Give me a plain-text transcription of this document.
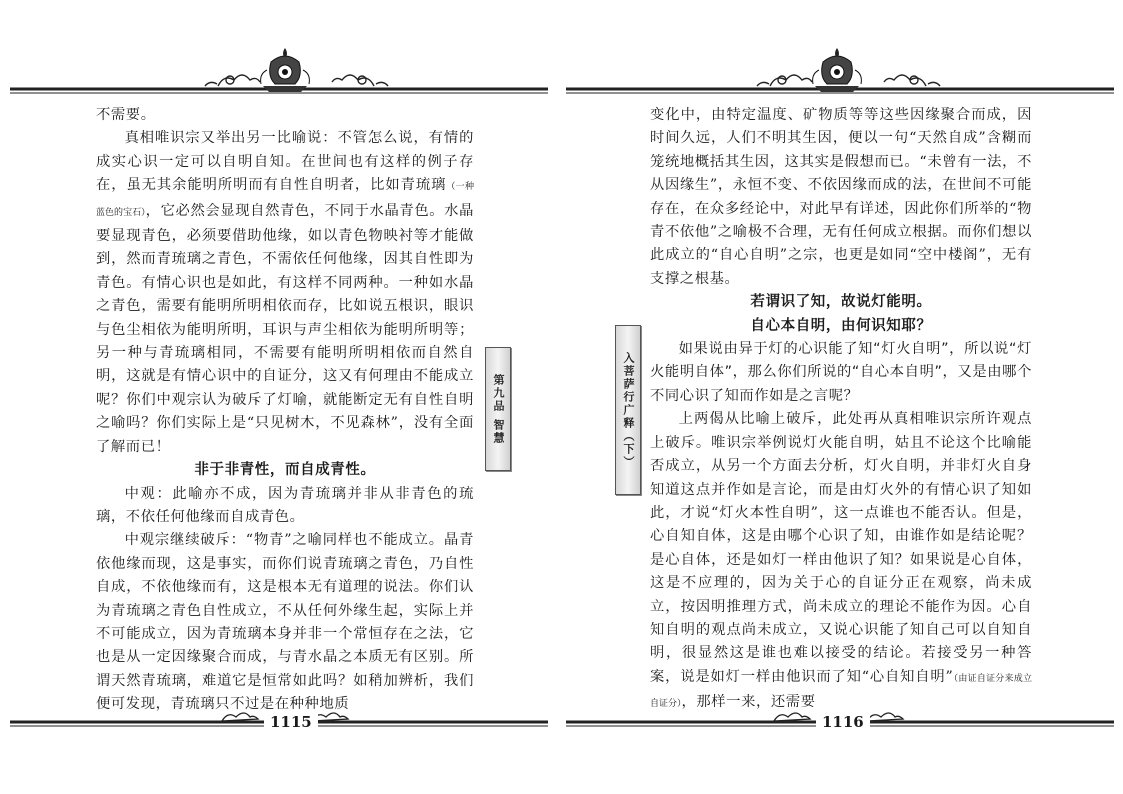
不需要。

真相唯识宗又举出另一比喻说：不管怎么说，有情的成实心识一定可以自明自知。在世间也有这样的例子存在，虽无其余能明所明而有自性自明者，比如青琉璃（一种蓝色的宝石），它必然会显现自然青色，不同于水晶青色。水晶要显现青色，必须要借助他缘，如以青色物映衬等才能做到，然而青琉璃之青色，不需依任何他缘，因其自性即为青色。有情心识也是如此，有这样不同两种。一种如水晶之青色，需要有能明所明相依而存，比如说五根识，眼识与色尘相依为能明所明，耳识与声尘相依为能明所明等；另一种与青琉璃相同，不需要有能明所明相依而自然自明，这就是有情心识中的自证分，这又有何理由不能成立呢？你们中观宗认为破斥了灯喻，就能断定无有自性自明之喻吗？你们实际上是“只见树木，不见森林”，没有全面了解而已！

非于非青性，而自成青性。

中观：此喻亦不成，因为青琉璃并非从非青色的琉璃，不依任何他缘而自成青色。

中观宗继续破斥：“物青”之喻同样也不能成立。晶青依他缘而现，这是事实，而你们说青琉璃之青色，乃自性自成，不依他缘而有，这是根本无有道理的说法。你们认为青琉璃之青色自性成立，不从任何外缘生起，实际上并不可能成立，因为青琉璃本身并非一个常恒存在之法，它也是从一定因缘聚合而成，与青水晶之本质无有区别。所谓天然青琉璃，难道它是恒常如此吗？如稍加辨析，我们便可发现，青琉璃只不过是在种种地质

第九品 智慧
1115
入菩萨行广释（下）

变化中，由特定温度、矿物质等等这些因缘聚合而成，因时间久远，人们不明其生因，便以一句“天然自成”含糊而笼统地概括其生因，这其实是假想而已。“未曾有一法，不从因缘生”，永恒不变、不依因缘而成的法，在世间不可能存在，在众多经论中，对此早有详述，因此你们所举的“物青不依他”之喻极不合理，无有任何成立根据。而你们想以此成立的“自心自明”之宗，也更是如同“空中楼阁”，无有支撑之根基。

若谓识了知，故说灯能明。

自心本自明，由何识知耶？

如果说由异于灯的心识能了知“灯火自明”，所以说“灯火能明自体”，那么你们所说的“自心本自明”，又是由哪个不同心识了知而作如是之言呢？

上两偈从比喻上破斥，此处再从真相唯识宗所许观点上破斥。唯识宗举例说灯火能自明，姑且不论这个比喻能否成立，从另一个方面去分析，灯火自明，并非灯火自身知道这点并作如是言论，而是由灯火外的有情心识了知如此，才说“灯火本性自明”，这一点谁也不能否认。但是，心自知自体，这是由哪个心识了知，由谁作如是结论呢？是心自体，还是如灯一样由他识了知？如果说是心自体，这是不应理的，因为关于心的自证分正在观察，尚未成立，按因明推理方式，尚未成立的理论不能作为因。心自知自明的观点尚未成立，又说心识能了知自己可以自知自明，很显然这是谁也难以接受的结论。若接受另一种答案，说是如灯一样由他识而了知“心自知自明”（由证自证分来成立自证分），那样一来，还需要

1116
